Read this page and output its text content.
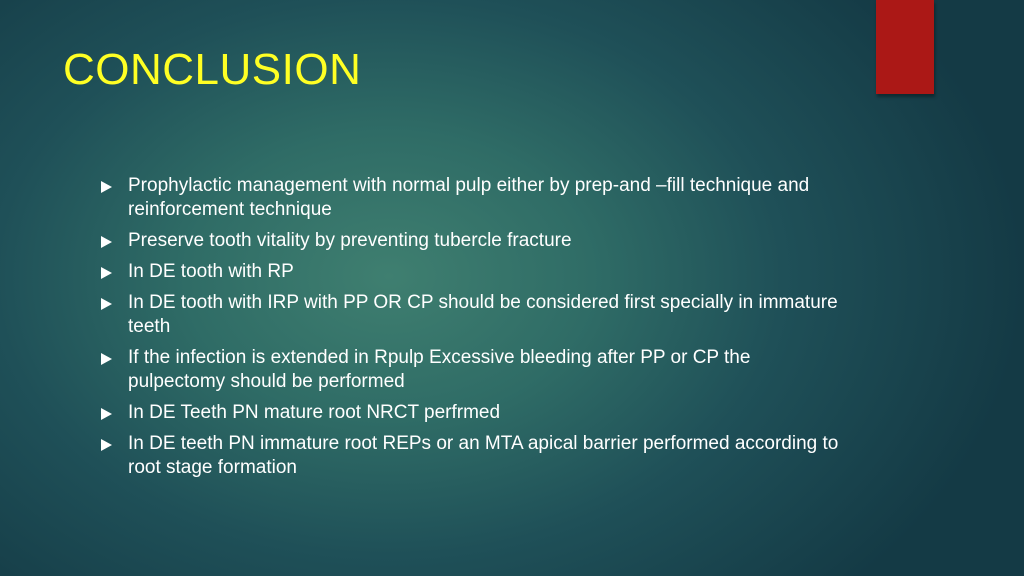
CONCLUSION
Prophylactic management with normal pulp either by prep-and –fill technique and reinforcement technique
Preserve tooth vitality by preventing tubercle fracture
In DE tooth with RP
In DE tooth with IRP with PP OR CP should be considered first specially in immature teeth
If the infection is extended in Rpulp Excessive bleeding after PP or CP the pulpectomy should be performed
In DE Teeth PN mature root NRCT perfrmed
In DE teeth PN immature root REPs or an MTA apical barrier performed according to root stage formation
